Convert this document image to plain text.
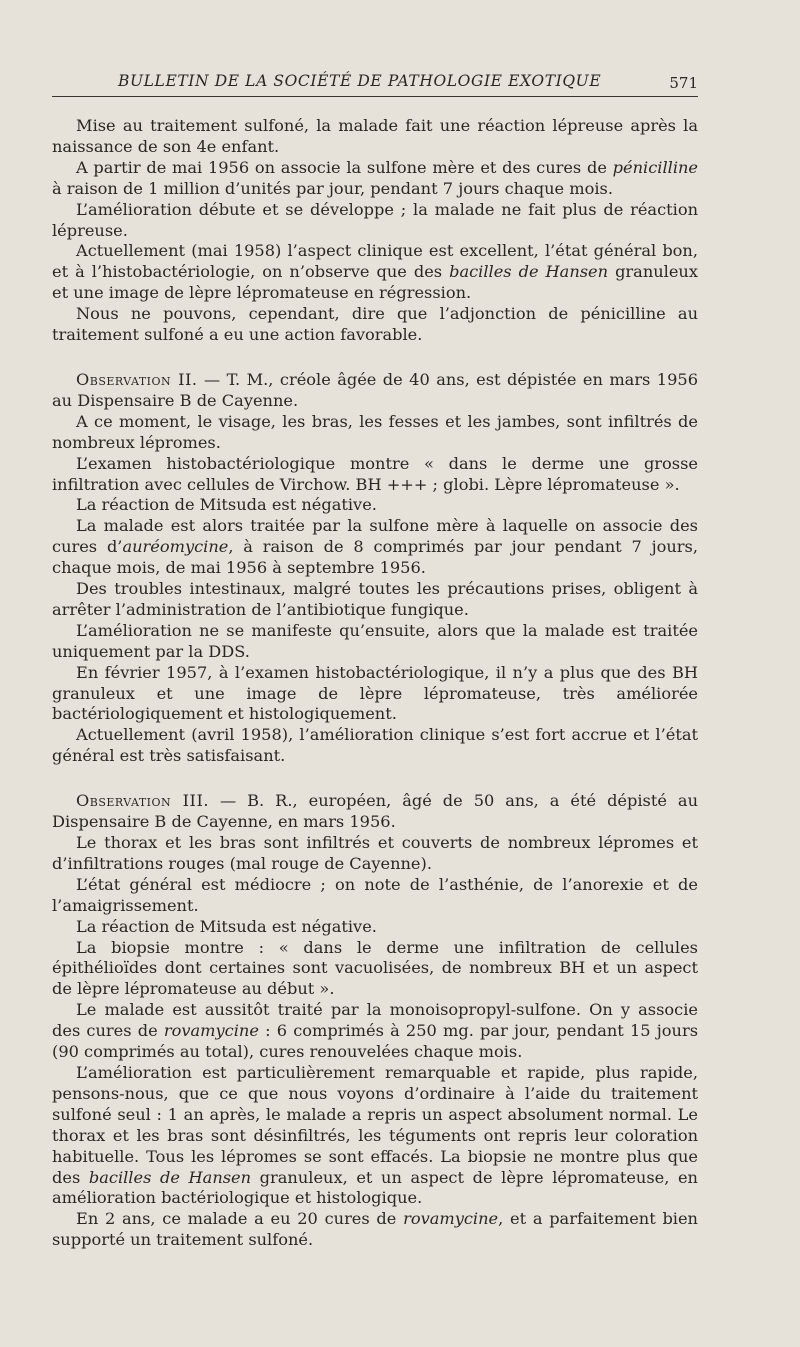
BULLETIN DE LA SOCIÉTÉ DE PATHOLOGIE EXOTIQUE	571

Mise au traitement sulfoné, la malade fait une réaction lépreuse après la naissance de son 4e enfant.

A partir de mai 1956 on associe la sulfone mère et des cures de pénicilline à raison de 1 million d’unités par jour, pendant 7 jours chaque mois.

L’amélioration débute et se développe ; la malade ne fait plus de réaction lépreuse.

Actuellement (mai 1958) l’aspect clinique est excellent, l’état général bon, et à l’histobactériologie, on n’observe que des bacilles de Hansen granuleux et une image de lèpre lépromateuse en régression.

Nous ne pouvons, cependant, dire que l’adjonction de pénicilline au traitement sulfoné a eu une action favorable.

Observation II. — T. M., créole âgée de 40 ans, est dépistée en mars 1956 au Dispensaire B de Cayenne.

A ce moment, le visage, les bras, les fesses et les jambes, sont infiltrés de nombreux lépromes.

L’examen histobactériologique montre « dans le derme une grosse infiltration avec cellules de Virchow. BH +++ ; globi. Lèpre lépromateuse ».

La réaction de Mitsuda est négative.

La malade est alors traitée par la sulfone mère à laquelle on associe des cures d’auréomycine, à raison de 8 comprimés par jour pendant 7 jours, chaque mois, de mai 1956 à septembre 1956.

Des troubles intestinaux, malgré toutes les précautions prises, obligent à arrêter l’administration de l’antibiotique fungique.

L’amélioration ne se manifeste qu’ensuite, alors que la malade est traitée uniquement par la DDS.

En février 1957, à l’examen histobactériologique, il n’y a plus que des BH granuleux et une image de lèpre lépromateuse, très améliorée bactériologiquement et histologiquement.

Actuellement (avril 1958), l’amélioration clinique s’est fort accrue et l’état général est très satisfaisant.

Observation III. — B. R., européen, âgé de 50 ans, a été dépisté au Dispensaire B de Cayenne, en mars 1956.

Le thorax et les bras sont infiltrés et couverts de nombreux lépromes et d’infiltrations rouges (mal rouge de Cayenne).

L’état général est médiocre ; on note de l’asthénie, de l’anorexie et de l’amaigrissement.

La réaction de Mitsuda est négative.

La biopsie montre : « dans le derme une infiltration de cellules épithélioïdes dont certaines sont vacuolisées, de nombreux BH et un aspect de lèpre lépromateuse au début ».

Le malade est aussitôt traité par la monoisopropyl-sulfone. On y associe des cures de rovamycine : 6 comprimés à 250 mg. par jour, pendant 15 jours (90 comprimés au total), cures renouvelées chaque mois.

L’amélioration est particulièrement remarquable et rapide, plus rapide, pensons-nous, que ce que nous voyons d’ordinaire à l’aide du traitement sulfoné seul : 1 an après, le malade a repris un aspect absolument normal. Le thorax et les bras sont désinfiltrés, les téguments ont repris leur coloration habituelle. Tous les lépromes se sont effacés. La biopsie ne montre plus que des bacilles de Hansen granuleux, et un aspect de lèpre lépromateuse, en amélioration bactériologique et histologique.

En 2 ans, ce malade a eu 20 cures de rovamycine, et a parfaitement bien supporté un traitement sulfoné.
